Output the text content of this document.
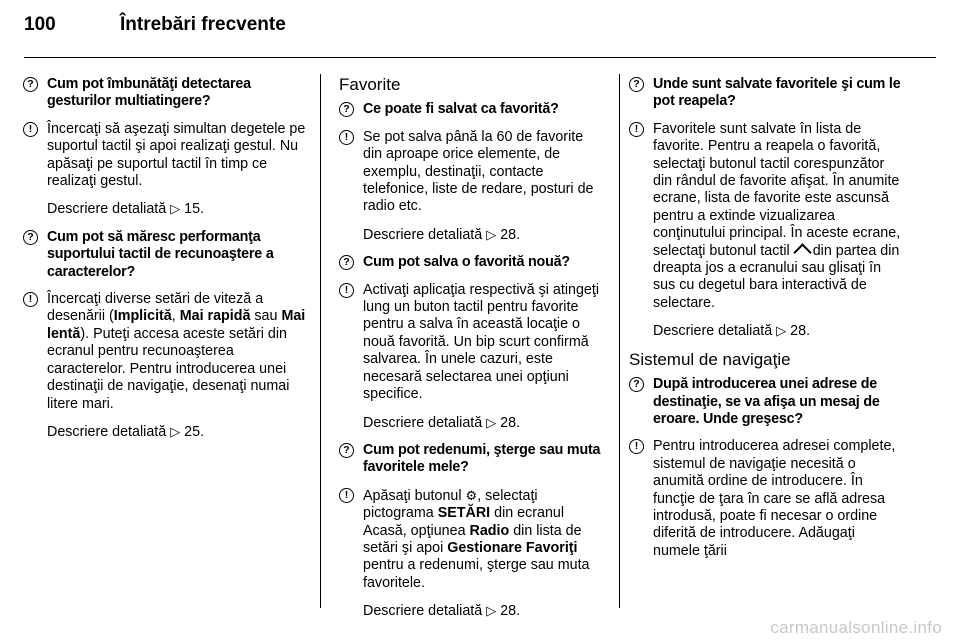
100	Întrebări frecvente
? Cum pot îmbunătăţi detectarea gesturilor multiatingere?
!	Încercaţi să aşezaţi simultan degetele pe suportul tactil şi apoi realizaţi gestul. Nu apăsaţi pe suportul tactil în timp ce realizaţi gestul.
Descriere detaliată ▷ 15.
? Cum pot să măresc performanţa suportului tactil de recunoaştere a caracterelor?
!	Încercaţi diverse setări de viteză a desenării (Implicită, Mai rapidă sau Mai lentă). Puteţi accesa aceste setări din ecranul pentru recunoaşterea caracterelor. Pentru introducerea unei destinaţii de navigaţie, desenaţi numai litere mari.
Descriere detaliată ▷ 25.
Favorite
? Ce poate fi salvat ca favorită?
!	Se pot salva până la 60 de favorite din aproape orice elemente, de exemplu, destinaţii, contacte telefonice, liste de redare, posturi de radio etc.
Descriere detaliată ▷ 28.
? Cum pot salva o favorită nouă?
!	Activaţi aplicaţia respectivă şi atingeţi lung un buton tactil pentru favorite pentru a salva în această locaţie o nouă favorită. Un bip scurt confirmă salvarea. În unele cazuri, este necesară selectarea unei opţiuni specifice.
Descriere detaliată ▷ 28.
? Cum pot redenumi, şterge sau muta favoritele mele?
!	Apăsaţi butonul ⚙, selectaţi pictograma SETĂRI din ecranul Acasă, opţiunea Radio din lista de setări şi apoi Gestionare Favoriţi pentru a redenumi, şterge sau muta favoritele.
Descriere detaliată ▷ 28.
? Unde sunt salvate favoritele şi cum le pot reapela?
!	Favoritele sunt salvate în lista de favorite. Pentru a reapela o favorită, selectaţi butonul tactil corespunzător din rândul de favorite afişat. În anumite ecrane, lista de favorite este ascunsă pentru a extinde vizualizarea conţinutului principal. În aceste ecrane, selectaţi butonul tactil din partea din dreapta jos a ecranului sau glisaţi în sus cu degetul bara interactivă de selectare.
Descriere detaliată ▷ 28.
Sistemul de navigaţie
? După introducerea unei adrese de destinaţie, se va afişa un mesaj de eroare. Unde greşesc?
!	Pentru introducerea adresei complete, sistemul de navigaţie necesită o anumită ordine de introducere. În funcţie de ţara în care se află adresa introdusă, poate fi necesar o ordine diferită de introducere. Adăugaţi numele ţării
carmanualsonline.info
